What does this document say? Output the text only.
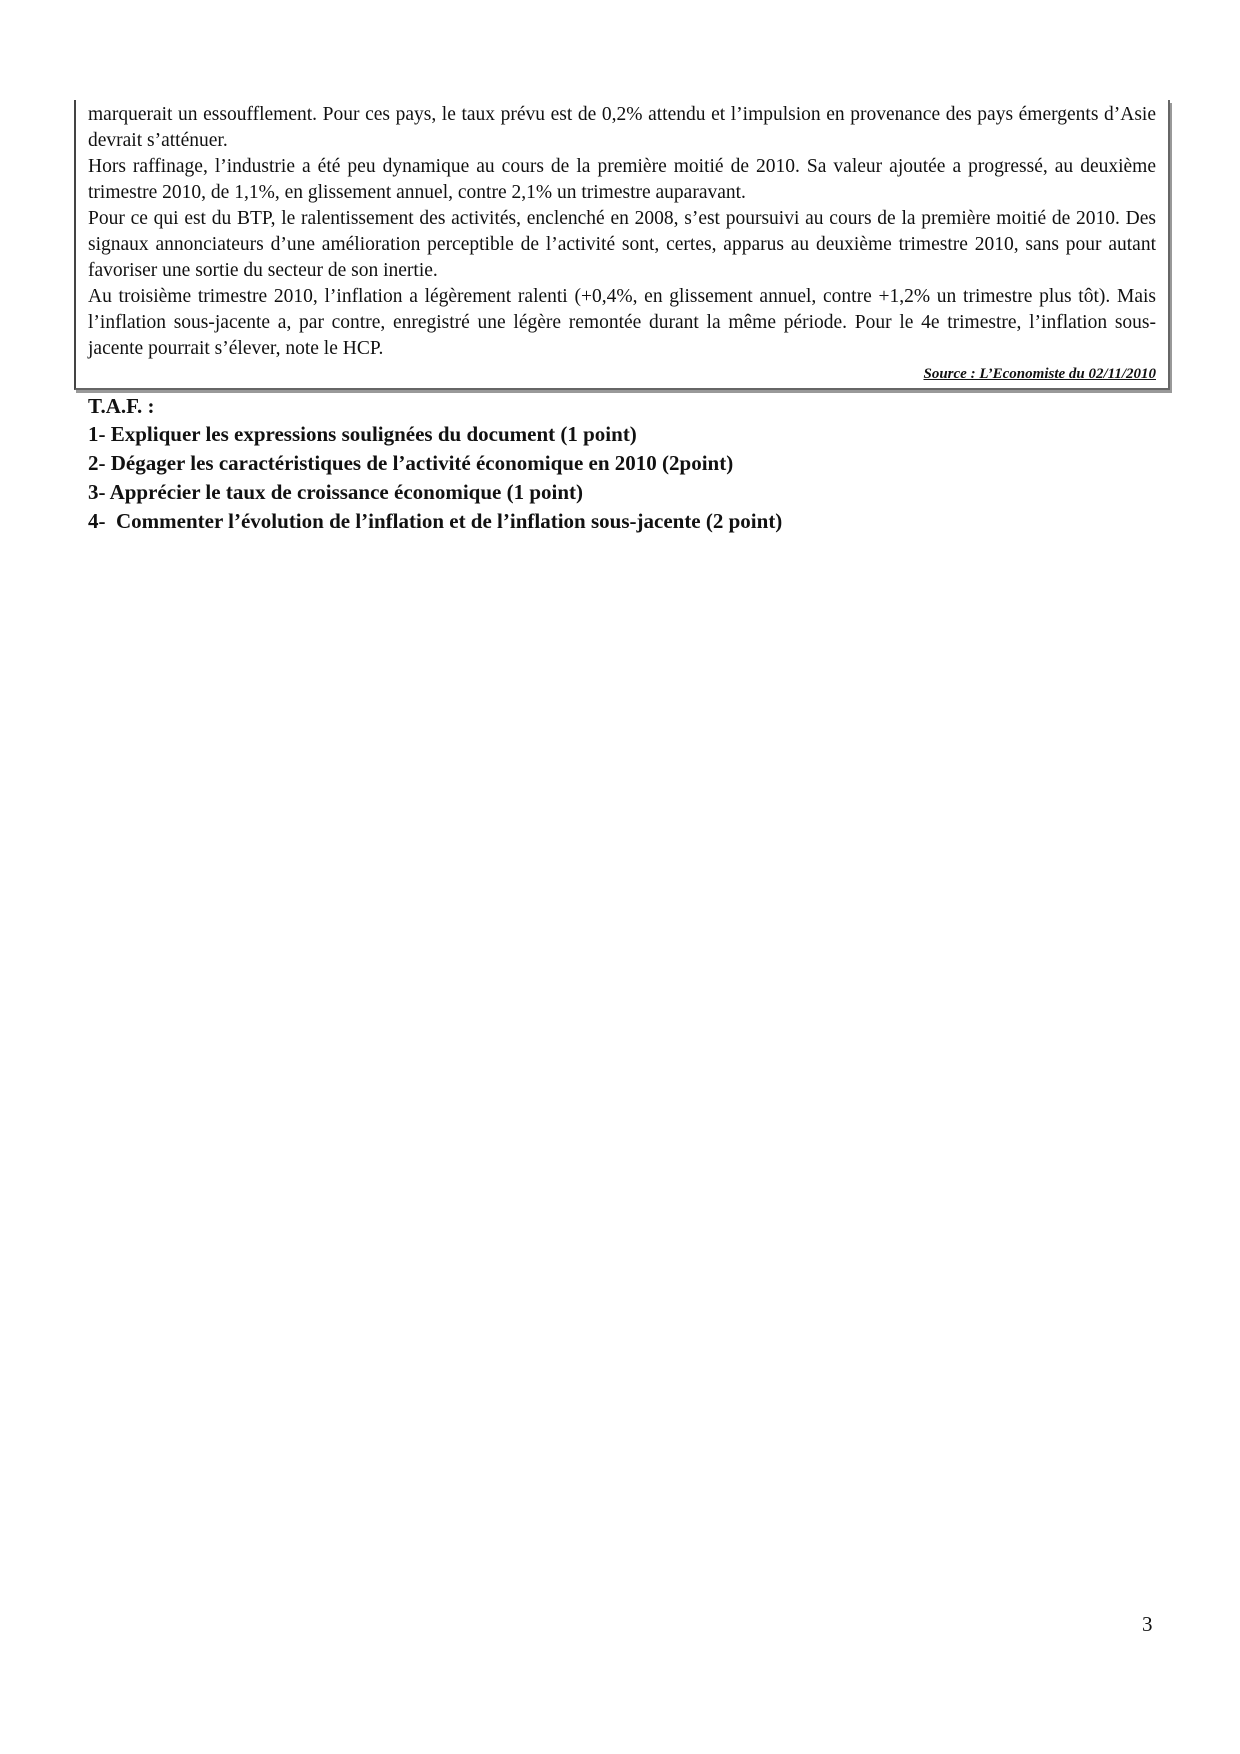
marquerait un essoufflement. Pour ces pays, le taux prévu est de 0,2% attendu et l’impulsion en provenance des pays émergents d’Asie devrait s’atténuer.

Hors raffinage, l’industrie a été peu dynamique au cours de la première moitié de 2010. Sa valeur ajoutée a progressé, au deuxième trimestre 2010, de 1,1%, en glissement annuel, contre 2,1% un trimestre auparavant.

Pour ce qui est du BTP, le ralentissement des activités, enclenché en 2008, s’est poursuivi au cours de la première moitié de 2010. Des signaux annonciateurs d’une amélioration perceptible de l’activité sont, certes, apparus au deuxième trimestre 2010, sans pour autant favoriser une sortie du secteur de son inertie.

Au troisième trimestre 2010, l’inflation a légèrement ralenti (+0,4%, en glissement annuel, contre +1,2% un trimestre plus tôt). Mais l’inflation sous-jacente a, par contre, enregistré une légère remontée durant la même période. Pour le 4e trimestre, l’inflation sous-jacente pourrait s’élever, note le HCP.

Source : L’Economiste du 02/11/2010
T.A.F. :
1- Expliquer les expressions soulignées du document (1 point)
2- Dégager les caractéristiques de l’activité économique en 2010 (2point)
3- Apprécier le taux de croissance économique (1 point)
4-  Commenter l’évolution de l’inflation et de l’inflation sous-jacente (2 point)
3
